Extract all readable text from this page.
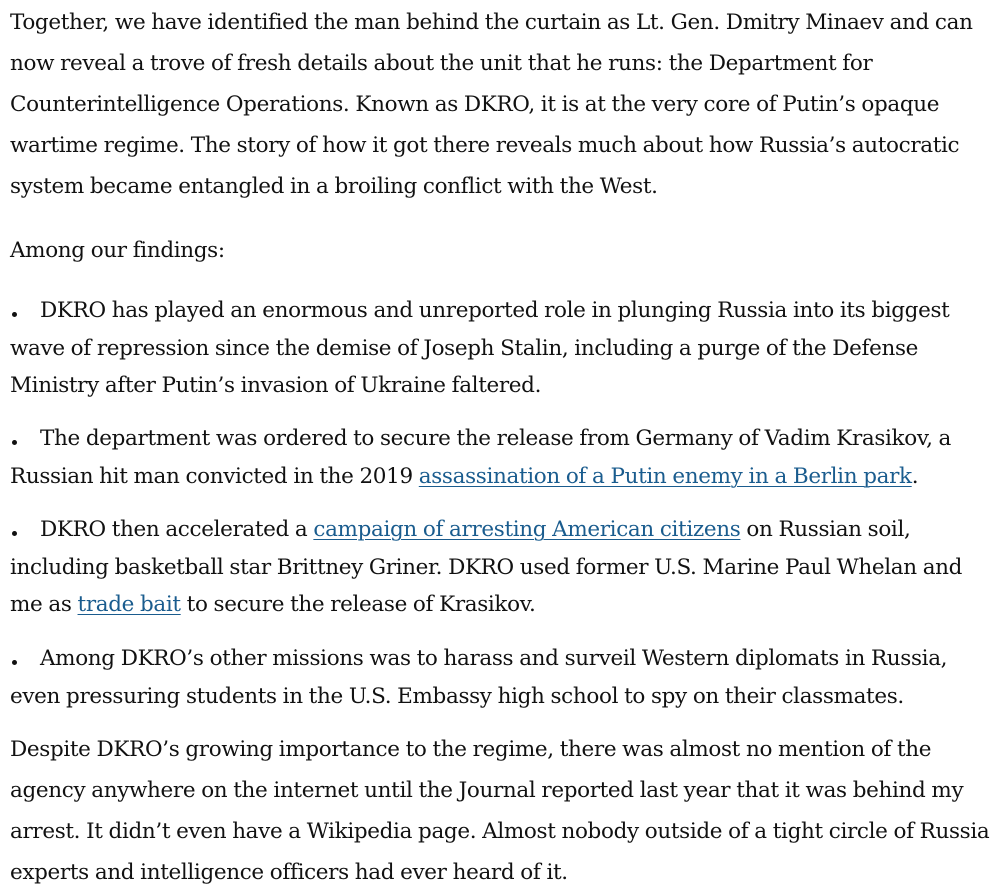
Together, we have identified the man behind the curtain as Lt. Gen. Dmitry Minaev and can now reveal a trove of fresh details about the unit that he runs: the Department for Counterintelligence Operations. Known as DKRO, it is at the very core of Putin’s opaque wartime regime. The story of how it got there reveals much about how Russia’s autocratic system became entangled in a broiling conflict with the West.

Among our findings:

DKRO has played an enormous and unreported role in plunging Russia into its biggest wave of repression since the demise of Joseph Stalin, including a purge of the Defense Ministry after Putin’s invasion of Ukraine faltered.

The department was ordered to secure the release from Germany of Vadim Krasikov, a Russian hit man convicted in the 2019 assassination of a Putin enemy in a Berlin park.

DKRO then accelerated a campaign of arresting American citizens on Russian soil, including basketball star Brittney Griner. DKRO used former U.S. Marine Paul Whelan and me as trade bait to secure the release of Krasikov.

Among DKRO’s other missions was to harass and surveil Western diplomats in Russia, even pressuring students in the U.S. Embassy high school to spy on their classmates.

Despite DKRO’s growing importance to the regime, there was almost no mention of the agency anywhere on the internet until the Journal reported last year that it was behind my arrest. It didn’t even have a Wikipedia page. Almost nobody outside of a tight circle of Russia experts and intelligence officers had ever heard of it.
